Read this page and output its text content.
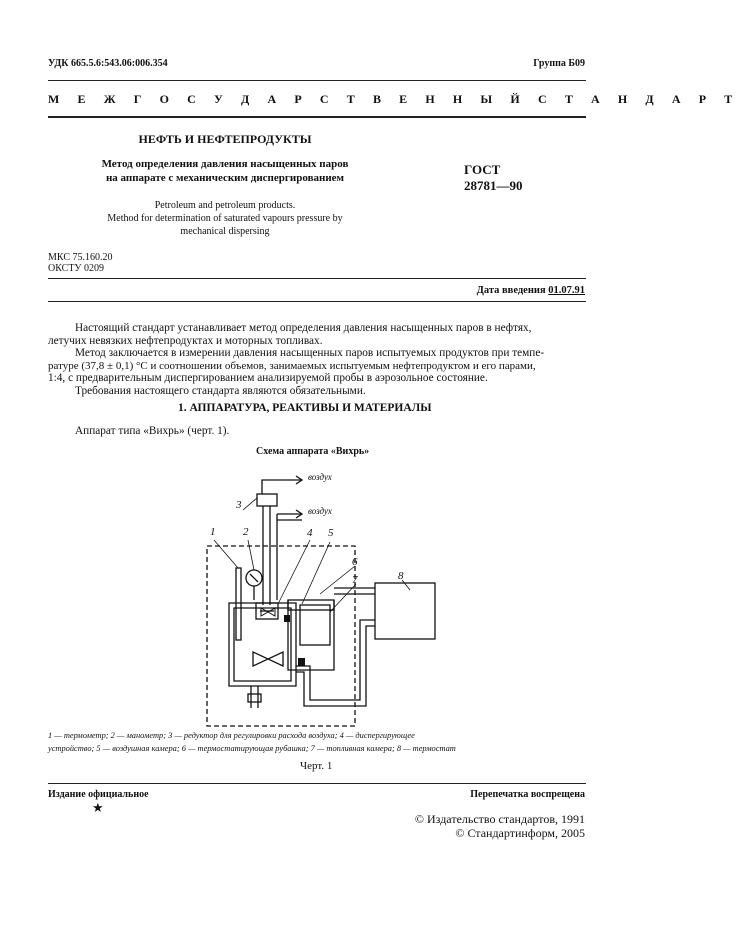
УДК 665.5.6:543.06:006.354	Группа Б09
М Е Ж Г О С У Д А Р С Т В Е Н Н Ы Й С Т А Н Д А Р Т
НЕФТЬ И НЕФТЕПРОДУКТЫ
Метод определения давления насыщенных паров
на аппарате с механическим диспергированием
Petroleum and petroleum products.
Method for determination of saturated vapours pressure by
mechanical dispersing
ГОСТ
28781—90
МКС 75.160.20
ОКСТУ 0209
Дата введения 01.07.91
Настоящий стандарт устанавливает метод определения давления насыщенных паров в нефтях,
летучих невязких нефтепродуктах и моторных топливах.
Метод заключается в измерении давления насыщенных паров испытуемых продуктов при темпе-
ратуре (37,8 ± 0,1) °С и соотношении объемов, занимаемых испытуемым нефтепродуктом и его парами,
1:4, с предварительным диспергированием анализируемой пробы в аэрозольное состояние.
Требования настоящего стандарта являются обязательными.
1. АППАРАТУРА, РЕАКТИВЫ И МАТЕРИАЛЫ
Аппарат типа «Вихрь» (черт. 1).
Схема аппарата «Вихрь»
воздух
воздух
1	2
3
4 5
6
7	8
1 — термометр; 2 — манометр; 3 — редуктор для регулировки расхода воздуха; 4 — диспергирующее
устройство; 5 — воздушная камера; 6 — термостатирующая рубашка; 7 — топливная камера; 8 — термостат
Черт. 1
Издание официальное	Перепечатка воспрещена
★
© Издательство стандартов, 1991
© Стандартинформ, 2005
